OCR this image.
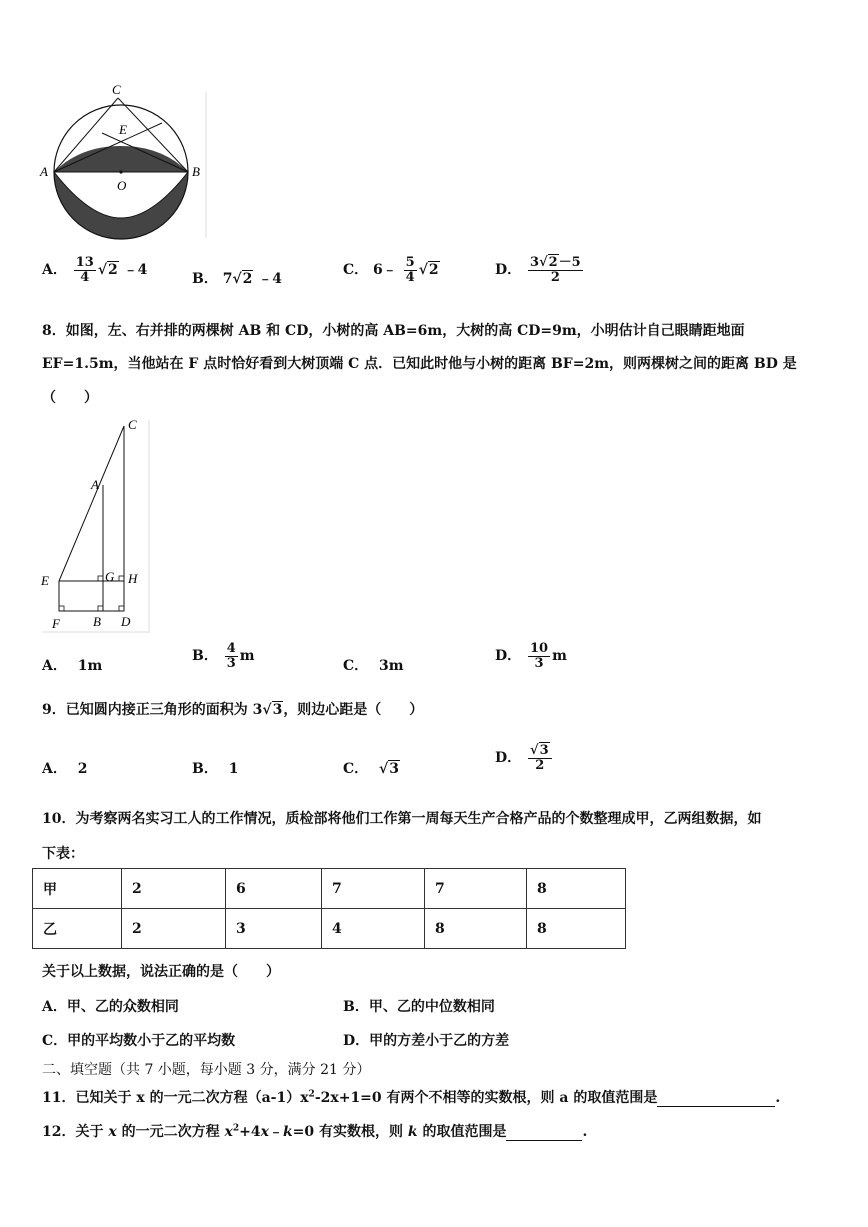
C
E
A
O
B
A． $\frac{13}{4} √2$ ﹣4
B． 7√2 ﹣4
C． 6﹣ $\frac{5}{4} √2$	D． $\frac{3√2-5}{2}$
8．如图，左、右并排的两棵树 AB 和 CD，小树的高 AB=6m，大树的高 CD=9m，小明估计自己眼睛距地面
EF=1.5m，当他站在 F 点时恰好看到大树顶端 C 点．已知此时他与小树的距离 BF=2m，则两棵树之间的距离 BD 是
（　　）
C
A
E	G H
F	B D
A． 1m
B． $\frac{4}{3}$ m
C． 3m
D． $\frac{10}{3}$ m
9．已知圆内接正三角形的面积为 3√3，则边心距是（　　）
A． 2	B． 1	C． √3
D． $\frac{√3}{2}$
10．为考察两名实习工人的工作情况，质检部将他们工作第一周每天生产合格产品的个数整理成甲，乙两组数据，如
下表：
甲	2	6	7	7	8
乙	2	3	4	8	8
关于以上数据，说法正确的是（　　）
A．甲、乙的众数相同	B．甲、乙的中位数相同
C．甲的平均数小于乙的平均数	D．甲的方差小于乙的方差
二、填空题（共 7 小题，每小题 3 分，满分 21 分）
11．已知关于 x 的一元二次方程$(a-1)x^2-2x+1=0$ 有两个不相等的实数根，则 a 的取值范围是	.
12．关于 x 的一元二次方程 $x^2+4x﹣k=0$ 有实数根，则 k 的取值范围是	.
